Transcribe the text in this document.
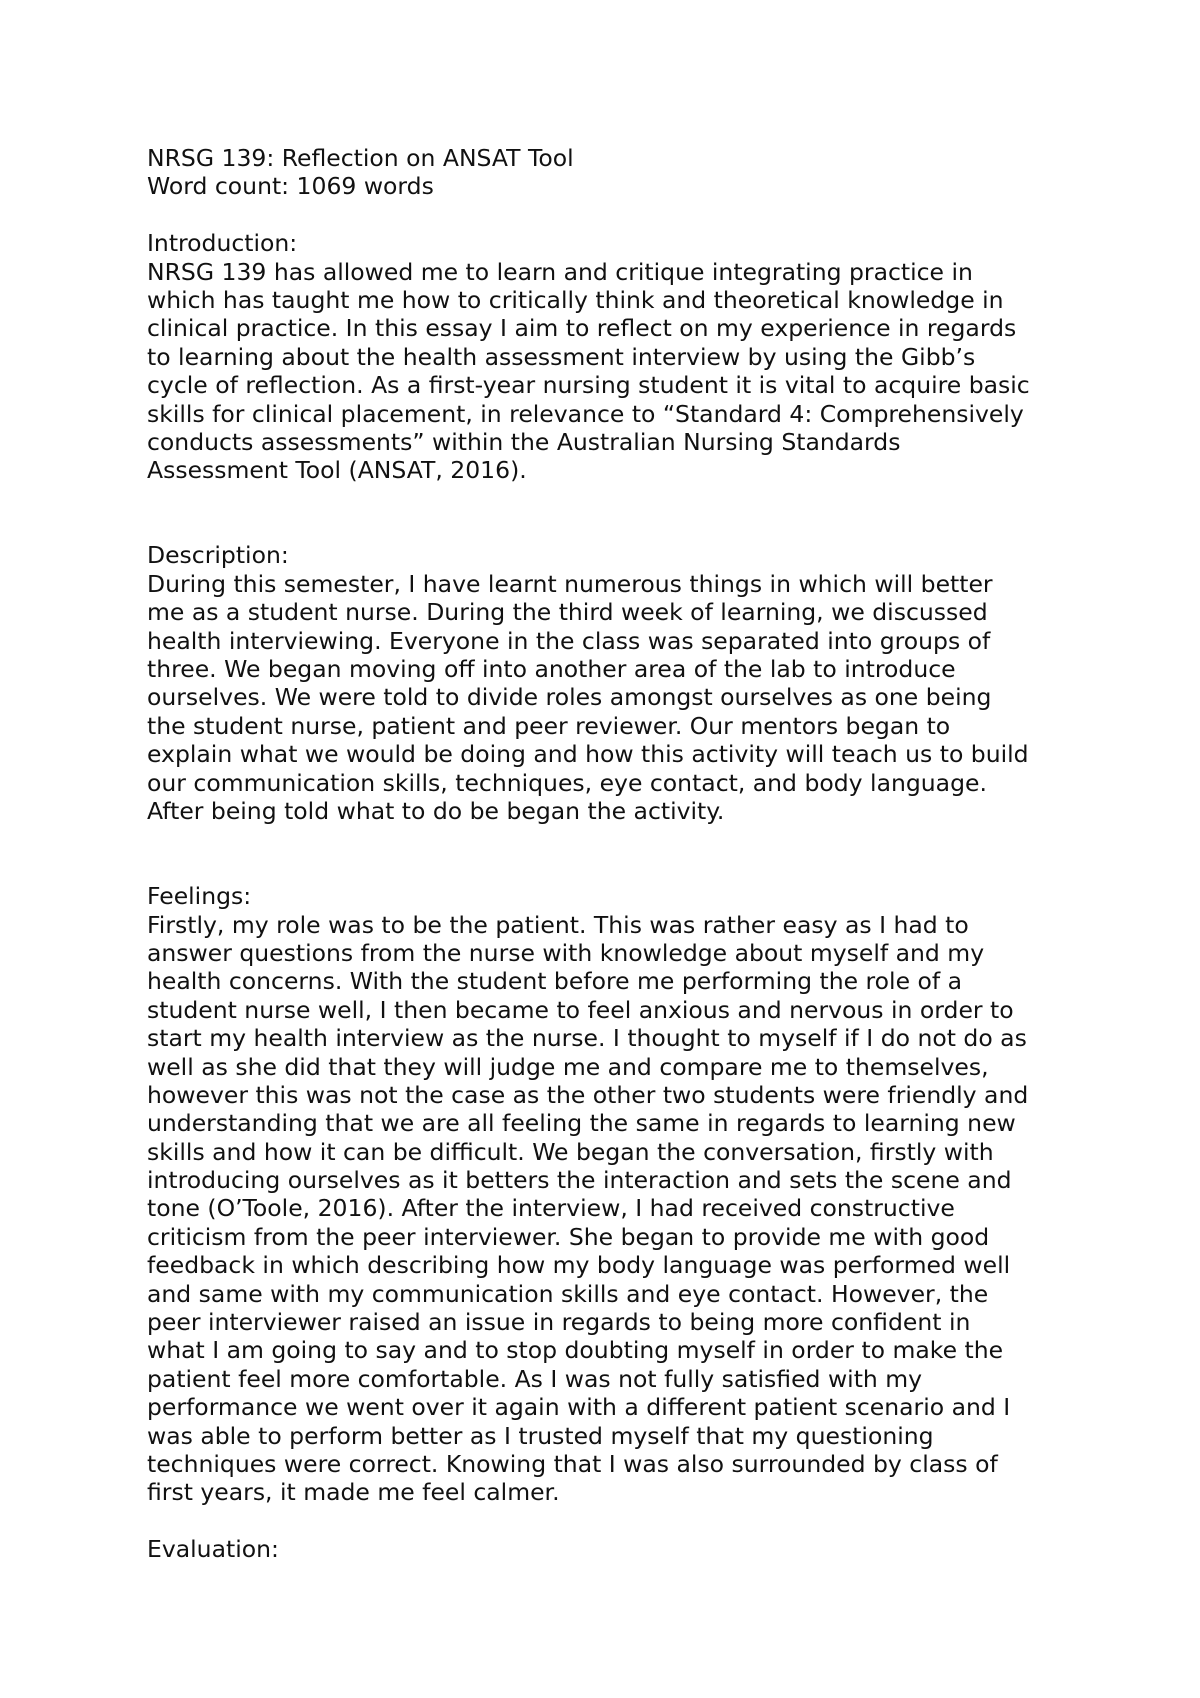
NRSG 139: Reflection on ANSAT Tool
Word count: 1069 words
Introduction:
NRSG 139 has allowed me to learn and critique integrating practice in
which has taught me how to critically think and theoretical knowledge in
clinical practice. In this essay I aim to reflect on my experience in regards
to learning about the health assessment interview by using the Gibb’s
cycle of reflection. As a first-year nursing student it is vital to acquire basic
skills for clinical placement, in relevance to “Standard 4: Comprehensively
conducts assessments” within the Australian Nursing Standards
Assessment Tool (ANSAT, 2016).
Description:
During this semester, I have learnt numerous things in which will better
me as a student nurse. During the third week of learning, we discussed
health interviewing. Everyone in the class was separated into groups of
three. We began moving off into another area of the lab to introduce
ourselves. We were told to divide roles amongst ourselves as one being
the student nurse, patient and peer reviewer. Our mentors began to
explain what we would be doing and how this activity will teach us to build
our communication skills, techniques, eye contact, and body language.
After being told what to do be began the activity.
Feelings:
Firstly, my role was to be the patient. This was rather easy as I had to
answer questions from the nurse with knowledge about myself and my
health concerns. With the student before me performing the role of a
student nurse well, I then became to feel anxious and nervous in order to
start my health interview as the nurse. I thought to myself if I do not do as
well as she did that they will judge me and compare me to themselves,
however this was not the case as the other two students were friendly and
understanding that we are all feeling the same in regards to learning new
skills and how it can be difficult. We began the conversation, firstly with
introducing ourselves as it betters the interaction and sets the scene and
tone (O’Toole, 2016). After the interview, I had received constructive
criticism from the peer interviewer. She began to provide me with good
feedback in which describing how my body language was performed well
and same with my communication skills and eye contact. However, the
peer interviewer raised an issue in regards to being more confident in
what I am going to say and to stop doubting myself in order to make the
patient feel more comfortable. As I was not fully satisfied with my
performance we went over it again with a different patient scenario and I
was able to perform better as I trusted myself that my questioning
techniques were correct. Knowing that I was also surrounded by class of
first years, it made me feel calmer.
Evaluation:
